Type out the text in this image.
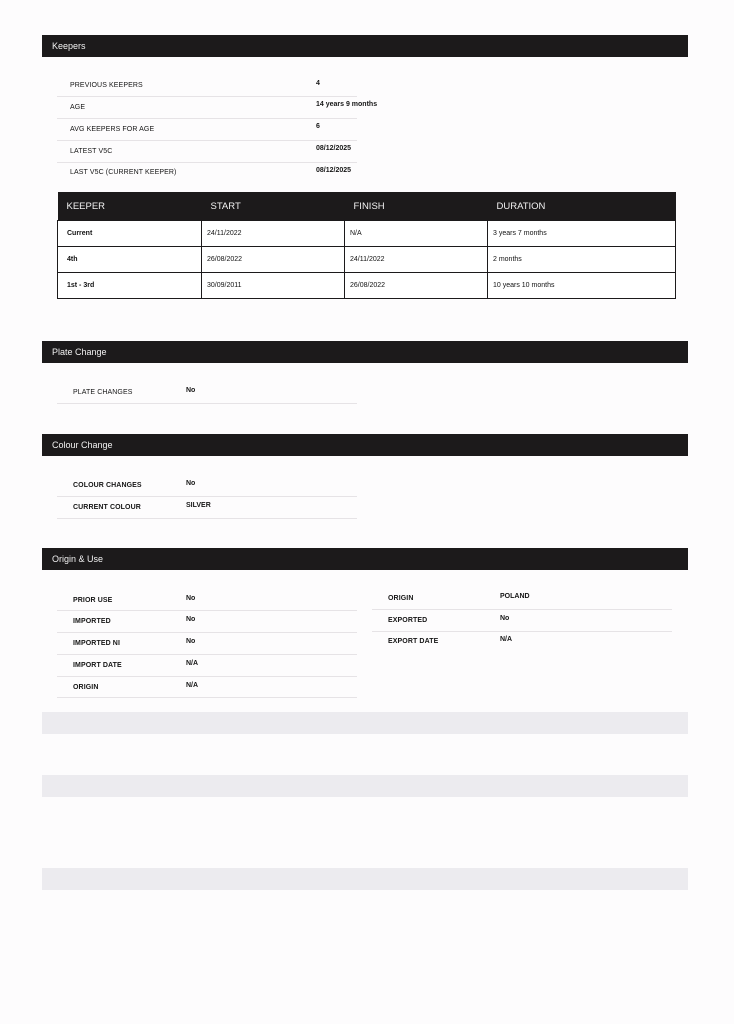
Keepers
PREVIOUS KEEPERS	4
AGE	14 years 9 months
AVG KEEPERS FOR AGE	6
LATEST V5C	08/12/2025
LAST V5C (CURRENT KEEPER)	08/12/2025
KEEPER	START	FINISH	DURATION
Current	24/11/2022	N/A	3 years 7 months
4th	26/08/2022	24/11/2022	2 months
1st - 3rd	30/09/2011	26/08/2022	10 years 10 months
Plate Change
PLATE CHANGES	No
Colour Change
COLOUR CHANGES	No
CURRENT COLOUR	SILVER
Origin & Use
PRIOR USE	No
IMPORTED	No
IMPORTED NI	No
IMPORT DATE	N/A
ORIGIN	N/A
ORIGIN	POLAND
EXPORTED	No
EXPORT DATE	N/A
